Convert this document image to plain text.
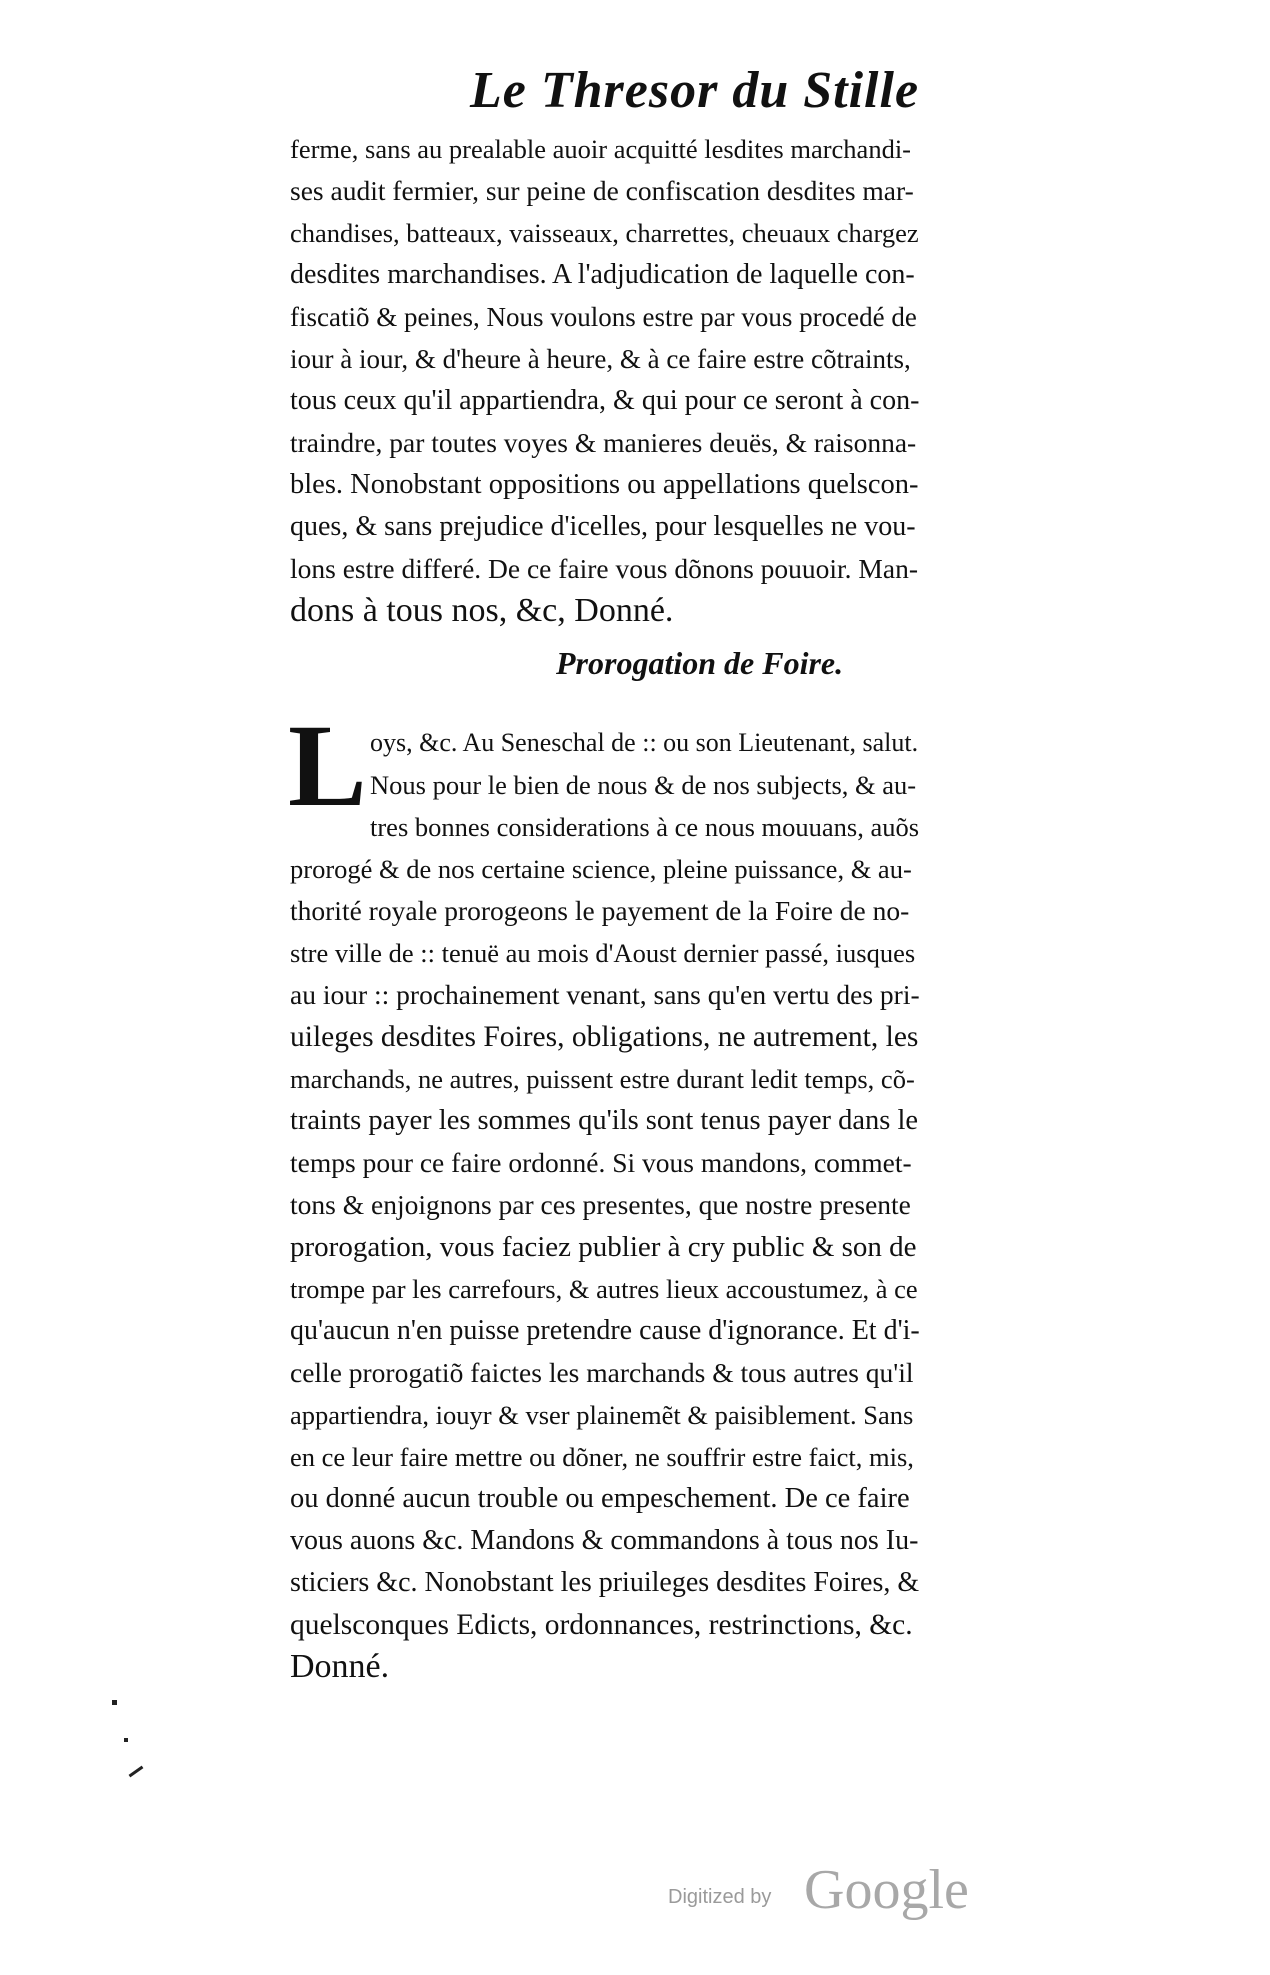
Le Thresor du Stille
ferme, sans au prealable auoir acquitté lesdites marchandi-
ses audit fermier, sur peine de confiscation desdites mar-
chandises, batteaux, vaisseaux, charrettes, cheuaux chargez
desdites marchandises. A l'adjudication de laquelle con-
fiscatiõ & peines, Nous voulons estre par vous procedé de
iour à iour, & d'heure à heure, & à ce faire estre cõtraints,
tous ceux qu'il appartiendra, & qui pour ce seront à con-
traindre, par toutes voyes & manieres deuës, & raisonna-
bles. Nonobstant oppositions ou appellations quelscon-
ques, & sans prejudice d'icelles, pour lesquelles ne vou-
lons estre differé. De ce faire vous dõnons pouuoir. Man-
dons à tous nos, &c, Donné.
Prorogation de Foire.
L oys, &c. Au Seneschal de :: ou son Lieutenant, salut.
Nous pour le bien de nous & de nos subjects, & au-
tres bonnes considerations à ce nous mouuans, auõs
prorogé & de nos certaine science, pleine puissance, & au-
thorité royale prorogeons le payement de la Foire de no-
stre ville de :: tenuë au mois d'Aoust dernier passé, iusques
au iour :: prochainement venant, sans qu'en vertu des pri-
uileges desdites Foires, obligations, ne autrement, les
marchands, ne autres, puissent estre durant ledit temps, cõ-
traints payer les sommes qu'ils sont tenus payer dans le
temps pour ce faire ordonné. Si vous mandons, commet-
tons & enjoignons par ces presentes, que nostre presente
prorogation, vous faciez publier à cry public & son de
trompe par les carrefours, & autres lieux accoustumez, à ce
qu'aucun n'en puisse pretendre cause d'ignorance. Et d'i-
celle prorogatiõ faictes les marchands & tous autres qu'il
appartiendra, iouyr & vser plainemẽt & paisiblement. Sans
en ce leur faire mettre ou dõner, ne souffrir estre faict, mis,
ou donné aucun trouble ou empeschement. De ce faire
vous auons &c. Mandons & commandons à tous nos Iu-
sticiers &c. Nonobstant les priuileges desdites Foires, &
quelsconques Edicts, ordonnances, restrinctions, &c.
Donné.
Digitized by Google
